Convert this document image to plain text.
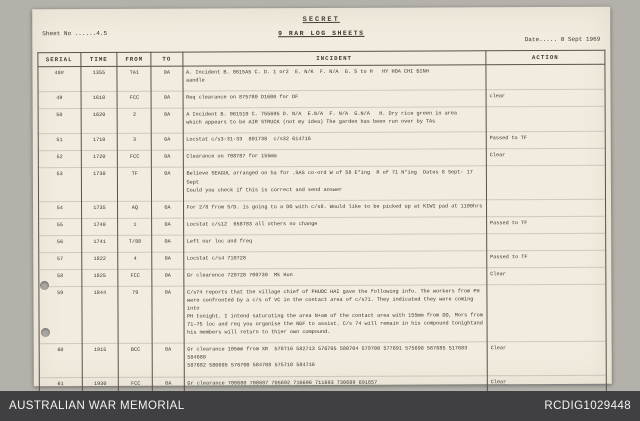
SECRET
Sheet No ......4.5	9 RAR LOG SHEETS
Date..... 8 Sept 1969
SERIAL	TIME	FROM	TO	INCIDENT	ACTION
48#	1355	TA1	0A	A. Incident B. 0615A5 C. D. 1 or2  E. N/K  F. N/A  G. S to H   HY HOA CHI BINH
aandle	
49	1610	FCC	0A	Req clearance on 875780 D1600 for DF	clear
50	1620	2	0A	A Incident B. 061510 C. 755695 D. N/A  E.N/A  F. N/A  G.N/A   H. Dry rice green in area
which appears to be AIR STRUCK (not my idea) The garden has been run over by TAs	
51	1710	3	0A	Locstat c/s3-31-33  801738  c/s32 614716	Passed to TF
52	1720	FCC	0A	Clearance on 708787 for 155mm	Clear
53	1730	TF	0A	Believe SEAGUL arranged on ha for .SAS co-ord W of 58 E*ing  R of 71 N*ing  Dates 8 Sept- 17 Sept
Could you check if this is correct and send answer	
54	1735	AQ	0A	For 2/8 from S/D. is going to a DO with c/s8. Would like to be picked up at KIWI pad at 1100hrs	
55	1740	1	0A	Locstat c/s12  658783 all others no change	Passed to TF
56	1741	T/88	0A	Left our loc and freq	
57	1822	4	0A	Locstat c/s4 710728	Passed to TF
58	1825	FCC	0A	Gr clearence 720720 700730  Mk Hun	Clear
59	1844	79	0A	C/s74 reports that the village chief of PHUOC HAI gave the following info. The workers from PH
were confronted by a c/s of VC in the contact area of c/s71. They indicated they were coming into
PH tonight. I intend saturating the area N+am of the contact area with 155mm from DO, Mors from
71-75 loc and req you organise the NGF to assist. C/s 74 will remain in his compound tonightand
his members will return to thier own compound.	
60	1915	BCC	0A	Gr clearance 105mm from XR  578716 582713 576705 580704 579700 577691 575698 567685 517683 584680
587682 580695 576700 584708 575710 584716	Clear
61	1930	FCC	0A	Gr clearance 700680 708687 705692 716696 711693 730689 691657	Clear
AUSTRALIAN WAR MEMORIAL	RCDIG1029448
